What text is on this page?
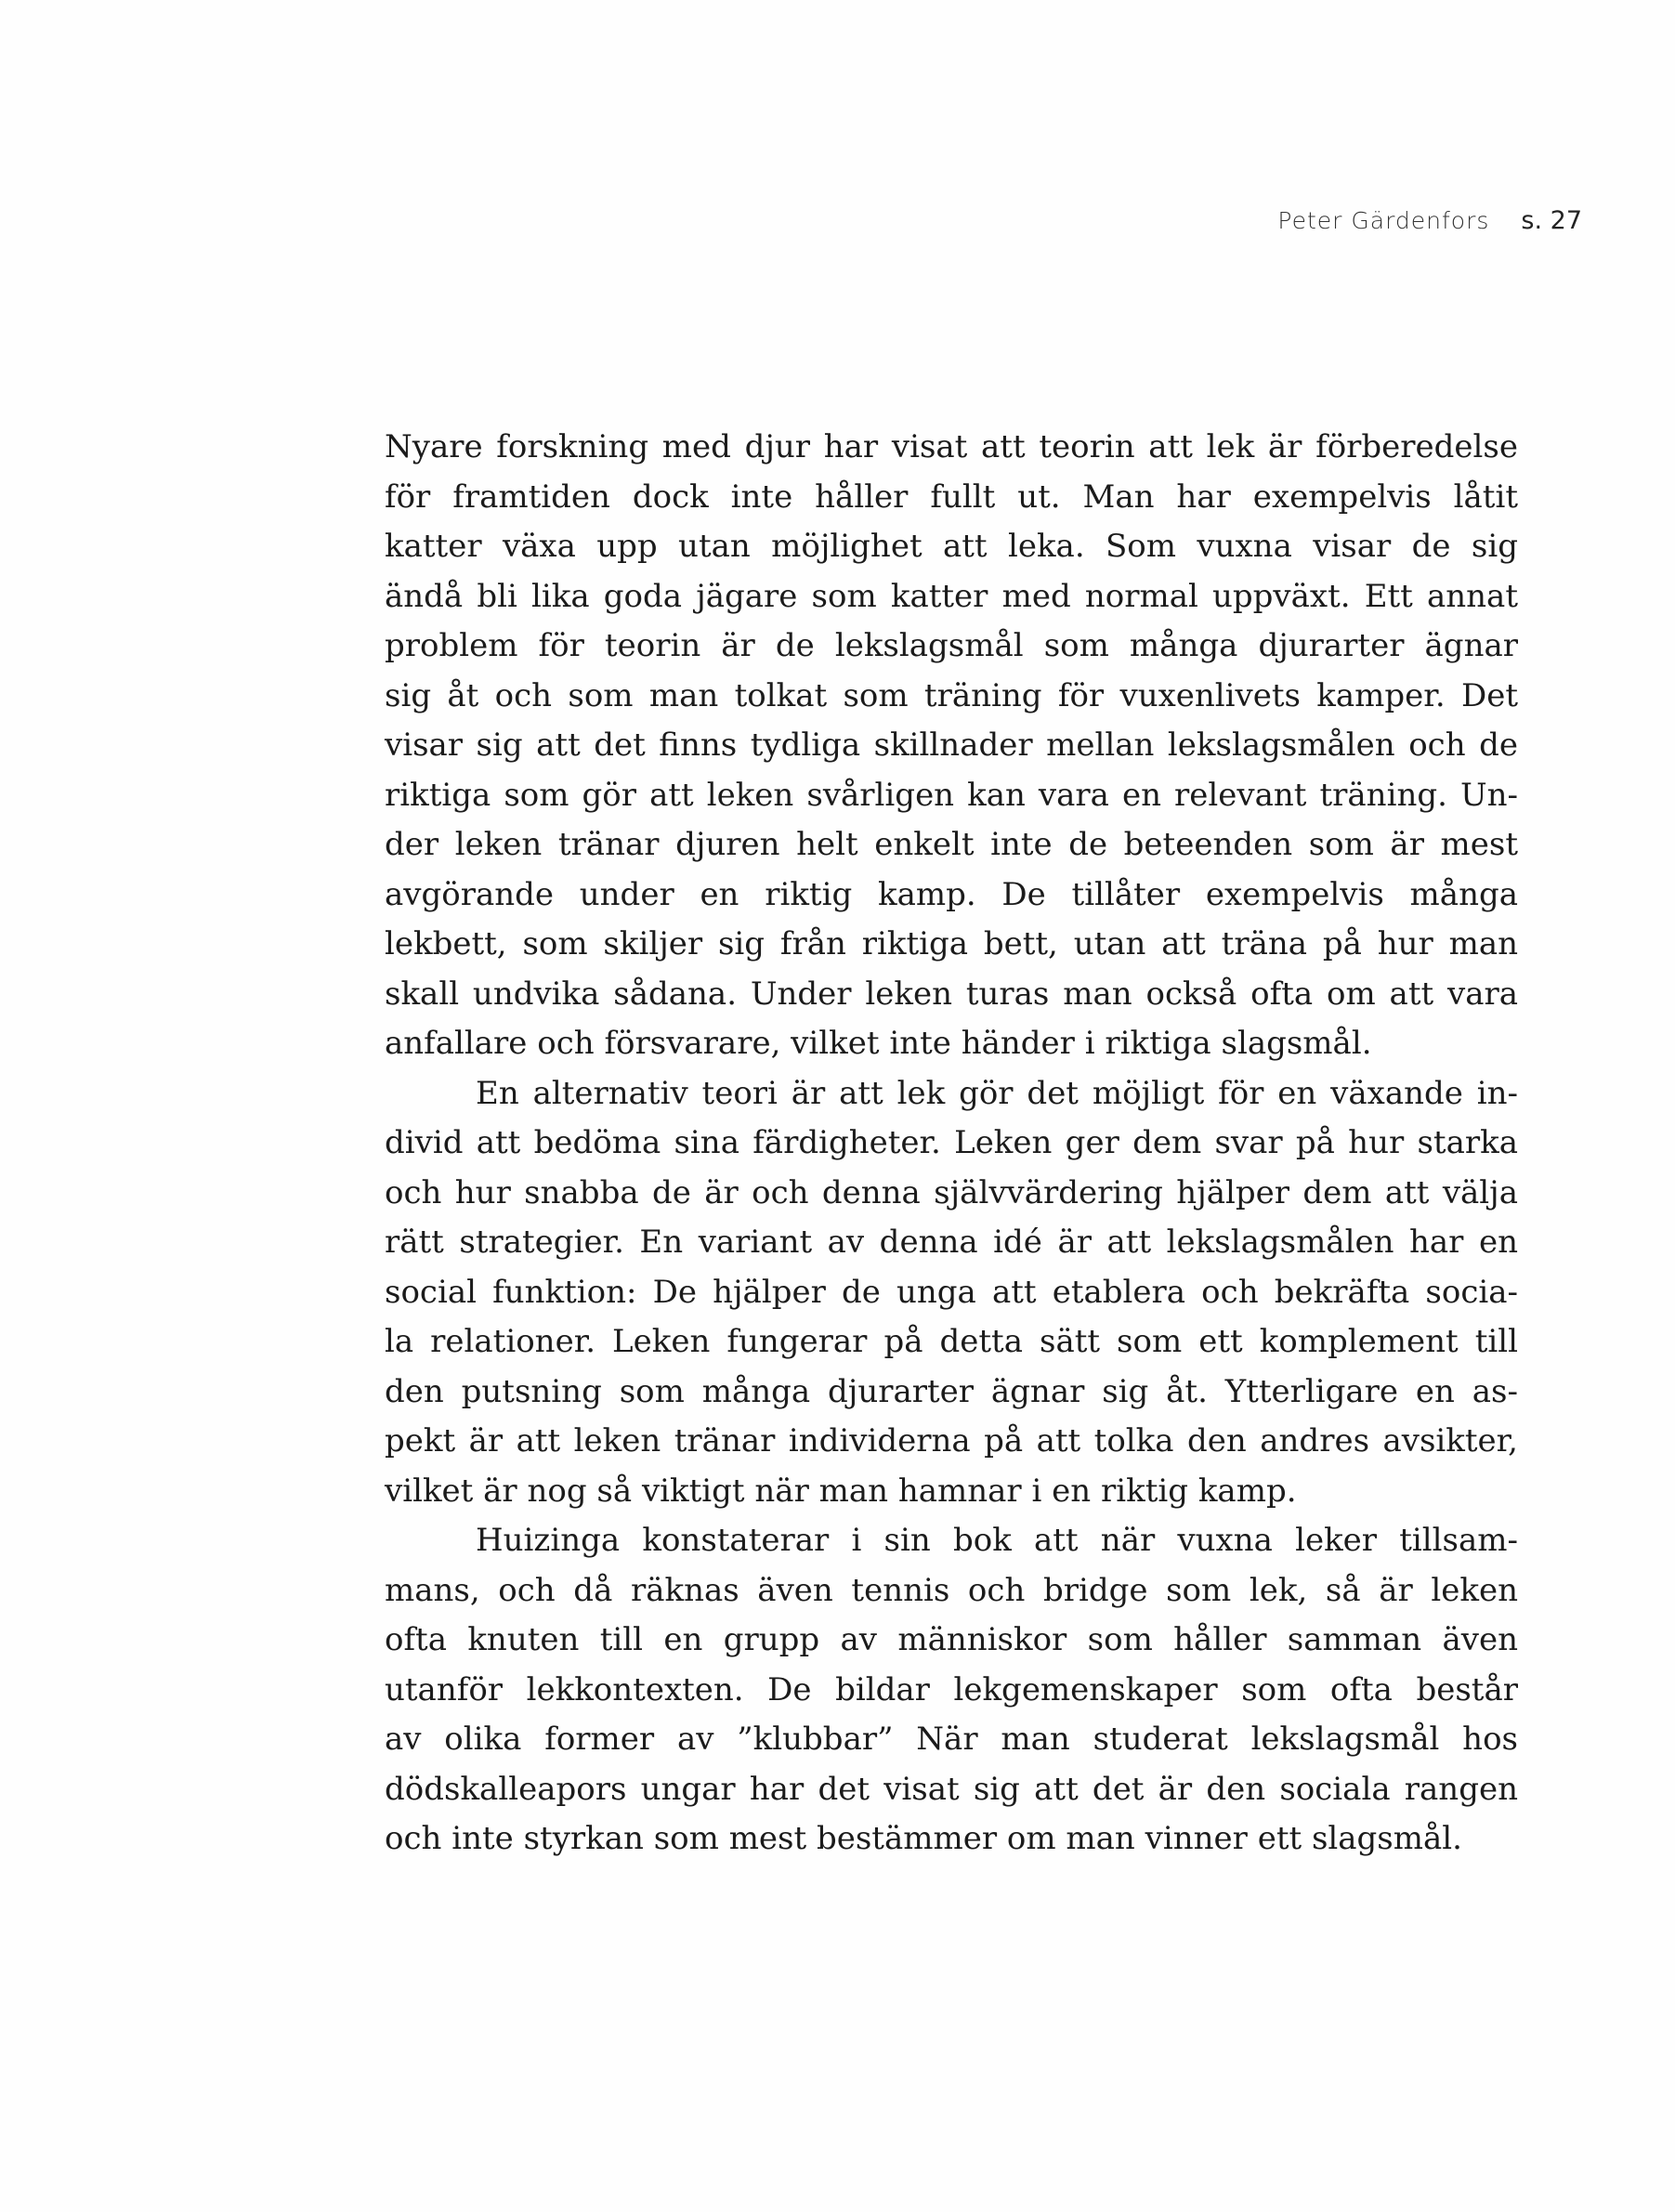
Peter Gärdenfors s. 27

Nyare forskning med djur har visat att teorin att lek är förberedelse
för framtiden dock inte håller fullt ut. Man har exempelvis låtit
katter växa upp utan möjlighet att leka. Som vuxna visar de sig
ändå bli lika goda jägare som katter med normal uppväxt. Ett annat
problem för teorin är de lekslagsmål som många djurarter ägnar
sig åt och som man tolkat som träning för vuxenlivets kamper. Det
visar sig att det finns tydliga skillnader mellan lekslagsmålen och de
riktiga som gör att leken svårligen kan vara en relevant träning. Un-
der leken tränar djuren helt enkelt inte de beteenden som är mest
avgörande under en riktig kamp. De tillåter exempelvis många
lekbett, som skiljer sig från riktiga bett, utan att träna på hur man
skall undvika sådana. Under leken turas man också ofta om att vara
anfallare och försvarare, vilket inte händer i riktiga slagsmål.

En alternativ teori är att lek gör det möjligt för en växande in-
divid att bedöma sina färdigheter. Leken ger dem svar på hur starka
och hur snabba de är och denna självvärdering hjälper dem att välja
rätt strategier. En variant av denna idé är att lekslagsmålen har en
social funktion: De hjälper de unga att etablera och bekräfta socia-
la relationer. Leken fungerar på detta sätt som ett komplement till
den putsning som många djurarter ägnar sig åt. Ytterligare en as-
pekt är att leken tränar individerna på att tolka den andres avsikter,
vilket är nog så viktigt när man hamnar i en riktig kamp.

Huizinga konstaterar i sin bok att när vuxna leker tillsam-
mans, och då räknas även tennis och bridge som lek, så är leken
ofta knuten till en grupp av människor som håller samman även
utanför lekkontexten. De bildar lekgemenskaper som ofta består
av olika former av ”klubbar” När man studerat lekslagsmål hos
dödskalleapors ungar har det visat sig att det är den sociala rangen
och inte styrkan som mest bestämmer om man vinner ett slagsmål.
